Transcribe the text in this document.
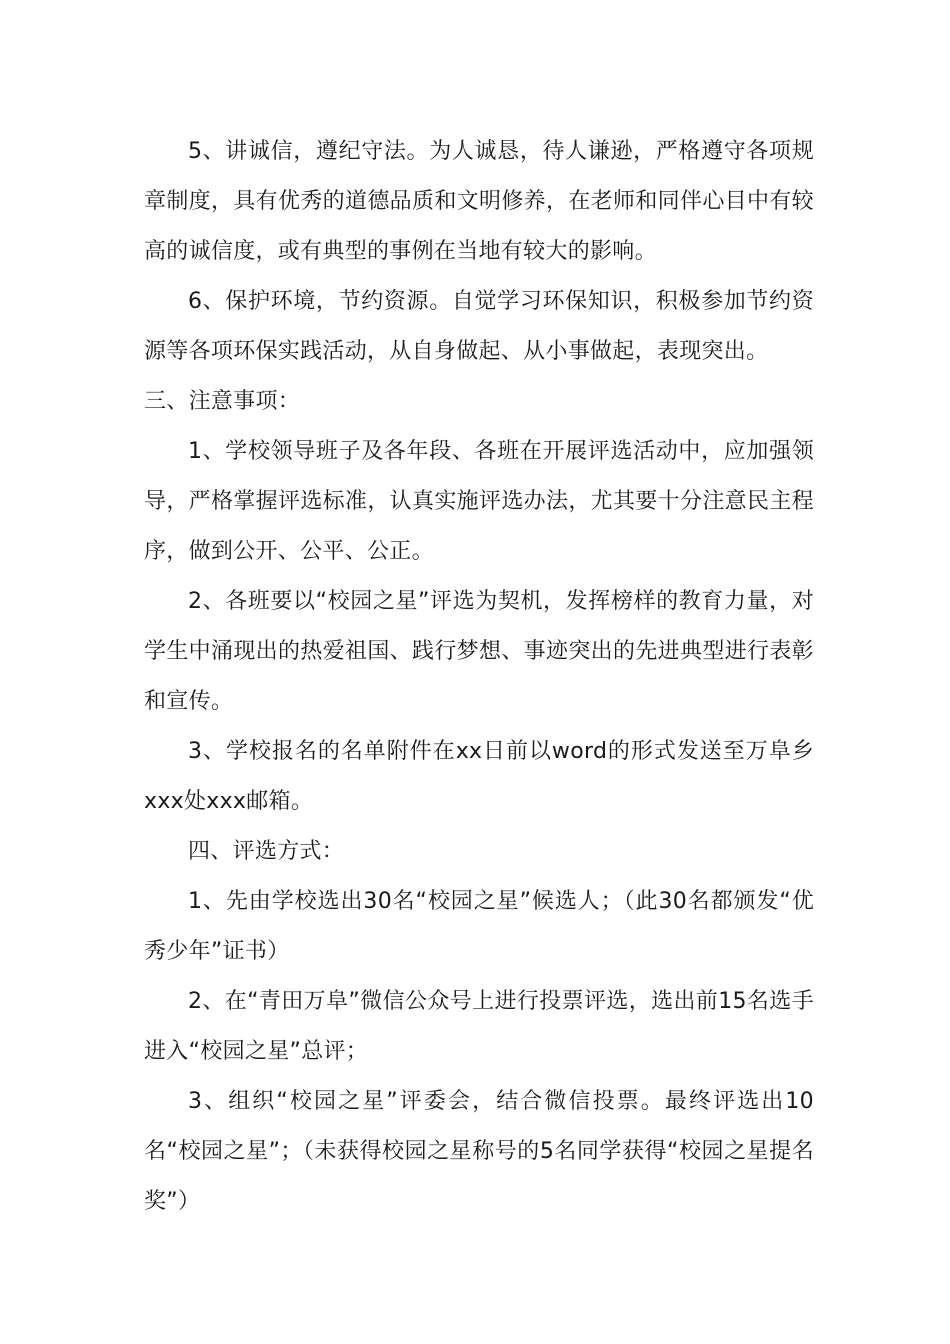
5、讲诚信，遵纪守法。为人诚恳，待人谦逊，严格遵守各项规章制度，具有优秀的道德品质和文明修养，在老师和同伴心目中有较高的诚信度，或有典型的事例在当地有较大的影响。

6、保护环境，节约资源。自觉学习环保知识，积极参加节约资源等各项环保实践活动，从自身做起、从小事做起，表现突出。

三、注意事项：

1、学校领导班子及各年段、各班在开展评选活动中，应加强领导，严格掌握评选标准，认真实施评选办法，尤其要十分注意民主程序，做到公开、公平、公正。

2、各班要以“校园之星”评选为契机，发挥榜样的教育力量，对学生中涌现出的热爱祖国、践行梦想、事迹突出的先进典型进行表彰和宣传。

3、学校报名的名单附件在xx日前以word的形式发送至万阜乡xxx处xxx邮箱。

四、评选方式：

1、先由学校选出30名“校园之星”候选人；（此30名都颁发“优秀少年”证书）

2、在“青田万阜”微信公众号上进行投票评选，选出前15名选手进入“校园之星”总评；

3、组织“校园之星”评委会，结合微信投票。最终评选出10名“校园之星”；（未获得校园之星称号的5名同学获得“校园之星提名奖”）
